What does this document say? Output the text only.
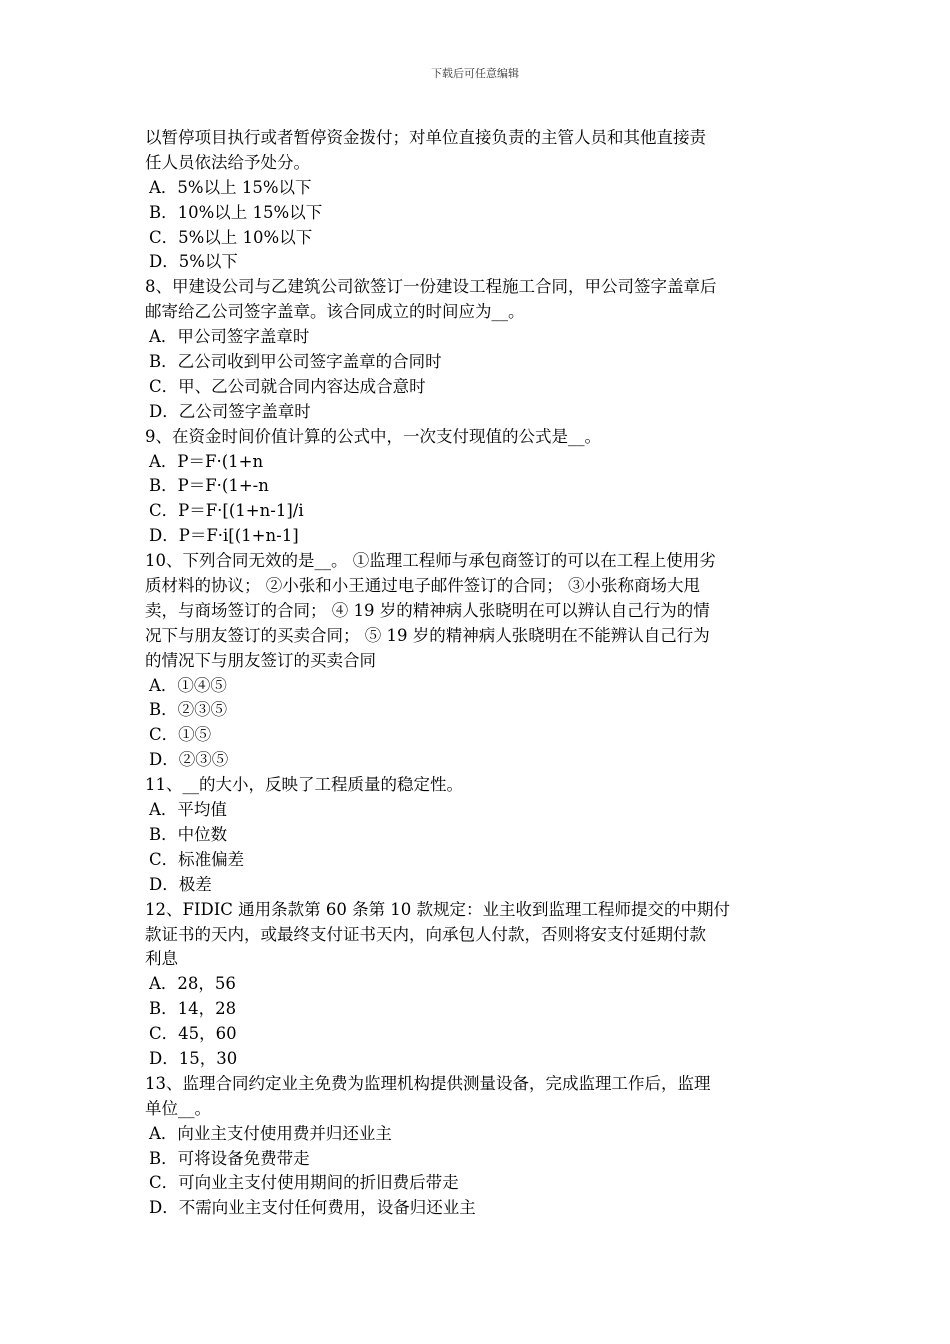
下载后可任意编辑
以暂停项目执行或者暂停资金拨付；对单位直接负责的主管人员和其他直接责
任人员依法给予处分。
A．5%以上 15%以下
B．10%以上 15%以下
C．5%以上 10%以下
D．5%以下
8、甲建设公司与乙建筑公司欲签订一份建设工程施工合同，甲公司签字盖章后
邮寄给乙公司签字盖章。该合同成立的时间应为__。
A．甲公司签字盖章时
B．乙公司收到甲公司签字盖章的合同时
C．甲、乙公司就合同内容达成合意时
D．乙公司签字盖章时
9、在资金时间价值计算的公式中，一次支付现值的公式是__。
A．P＝F·(1+n
B．P＝F·(1+-n
C．P＝F·[(1+n-1]/i
D．P＝F·i[(1+n-1]
10、下列合同无效的是__。 ①监理工程师与承包商签订的可以在工程上使用劣
质材料的协议； ②小张和小王通过电子邮件签订的合同； ③小张称商场大甩
卖，与商场签订的合同； ④ 19 岁的精神病人张晓明在可以辨认自己行为的情
况下与朋友签订的买卖合同； ⑤ 19 岁的精神病人张晓明在不能辨认自己行为
的情况下与朋友签订的买卖合同
A．①④⑤
B．②③⑤
C．①⑤
D．②③⑤
11、__的大小，反映了工程质量的稳定性。
A．平均值
B．中位数
C．标准偏差
D．极差
12、FIDIC 通用条款第 60 条第 10 款规定：业主收到监理工程师提交的中期付
款证书的天内，或最终支付证书天内，向承包人付款，否则将安支付延期付款
利息
A．28，56
B．14，28
C．45，60
D．15，30
13、监理合同约定业主免费为监理机构提供测量设备，完成监理工作后，监理
单位__。
A．向业主支付使用费并归还业主
B．可将设备免费带走
C．可向业主支付使用期间的折旧费后带走
D．不需向业主支付任何费用，设备归还业主
